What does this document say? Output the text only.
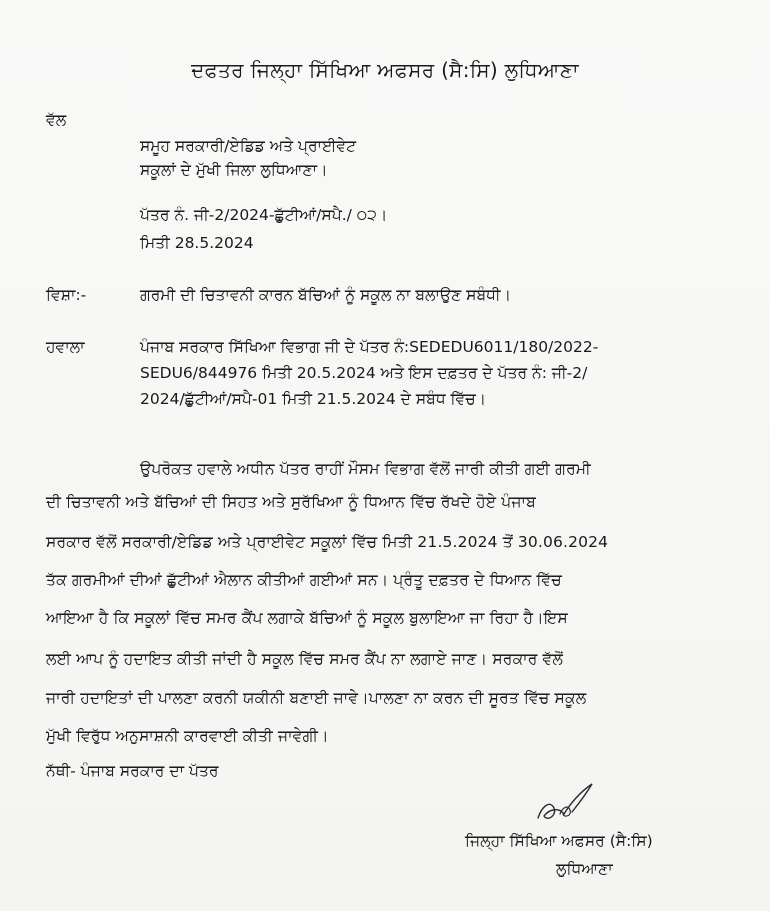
ਦਫਤਰ ਜਿਲ੍ਹਾ ਸਿੱਖਿਆ ਅਫਸਰ (ਸੈ:ਸਿ) ਲੁਧਿਆਣਾ
ਵੱਲ
ਸਮੂਹ ਸਰਕਾਰੀ/ਏਡਿਡ ਅਤੇ ਪ੍ਰਾਈਵੇਟ
ਸਕੂਲਾਂ ਦੇ ਮੁੱਖੀ ਜਿਲਾ ਲੁਧਿਆਣਾ।
ਪੱਤਰ ਨੰ. ਜੀ-2/2024-ਛੁੱਟੀਆਂ/ਸਪੈ./ ੦੨।
ਮਿਤੀ 28.5.2024
ਵਿਸ਼ਾ:-	ਗਰਮੀ ਦੀ ਚਿਤਾਵਨੀ ਕਾਰਨ ਬੱਚਿਆਂ ਨੂੰ ਸਕੂਲ ਨਾ ਬਲਾਉਣ ਸਬੰਧੀ।
ਹਵਾਲਾ	ਪੰਜਾਬ ਸਰਕਾਰ ਸਿੱਖਿਆ ਵਿਭਾਗ ਜੀ ਦੇ ਪੱਤਰ ਨੰ:SEDEDU6011/180/2022-
SEDU6/844976 ਮਿਤੀ 20.5.2024 ਅਤੇ ਇਸ ਦਫ਼ਤਰ ਦੇ ਪੱਤਰ ਨੰ: ਜੀ-2/
2024/ਛੁੱਟੀਆਂ/ਸਪੈ-01 ਮਿਤੀ 21.5.2024 ਦੇ ਸਬੰਧ ਵਿੱਚ।
ਉਪਰੋਕਤ ਹਵਾਲੇ ਅਧੀਨ ਪੱਤਰ ਰਾਹੀਂ ਮੌਸਮ ਵਿਭਾਗ ਵੱਲੋਂ ਜਾਰੀ ਕੀਤੀ ਗਈ ਗਰਮੀ
ਦੀ ਚਿਤਾਵਨੀ ਅਤੇ ਬੱਚਿਆਂ ਦੀ ਸਿਹਤ ਅਤੇ ਸੁਰੱਖਿਆ ਨੂੰ ਧਿਆਨ ਵਿੱਚ ਰੱਖਦੇ ਹੋਏ ਪੰਜਾਬ
ਸਰਕਾਰ ਵੱਲੋਂ ਸਰਕਾਰੀ/ਏਡਿਡ ਅਤੇ ਪ੍ਰਾਈਵੇਟ ਸਕੂਲਾਂ ਵਿੱਚ ਮਿਤੀ 21.5.2024 ਤੋਂ 30.06.2024
ਤੱਕ ਗਰਮੀਆਂ ਦੀਆਂ ਛੁੱਟੀਆਂ ਐਲਾਨ ਕੀਤੀਆਂ ਗਈਆਂ ਸਨ। ਪ੍ਰੰਤੂ ਦਫ਼ਤਰ ਦੇ ਧਿਆਨ ਵਿੱਚ
ਆਇਆ ਹੈ ਕਿ ਸਕੂਲਾਂ ਵਿੱਚ ਸਮਰ ਕੈਂਪ ਲਗਾਕੇ ਬੱਚਿਆਂ ਨੂੰ ਸਕੂਲ ਬੁਲਾਇਆ ਜਾ ਰਿਹਾ ਹੈ।ਇਸ
ਲਈ ਆਪ ਨੂੰ ਹਦਾਇਤ ਕੀਤੀ ਜਾਂਦੀ ਹੈ ਸਕੂਲ ਵਿੱਚ ਸਮਰ ਕੈਂਪ ਨਾ ਲਗਾਏ ਜਾਣ। ਸਰਕਾਰ ਵੱਲੋਂ
ਜਾਰੀ ਹਦਾਇਤਾਂ ਦੀ ਪਾਲਣਾ ਕਰਨੀ ਯਕੀਨੀ ਬਣਾਈ ਜਾਵੇ।ਪਾਲਣਾ ਨਾ ਕਰਨ ਦੀ ਸੂਰਤ ਵਿੱਚ ਸਕੂਲ
ਮੁੱਖੀ ਵਿਰੁੱਧ ਅਨੁਸਾਸ਼ਨੀ ਕਾਰਵਾਈ ਕੀਤੀ ਜਾਵੇਗੀ।
ਨੱਥੀ- ਪੰਜਾਬ ਸਰਕਾਰ ਦਾ ਪੱਤਰ
ਜਿਲ੍ਹਾ ਸਿੱਖਿਆ ਅਫਸਰ (ਸੈ:ਸਿ)
ਲੁਧਿਆਣਾ
